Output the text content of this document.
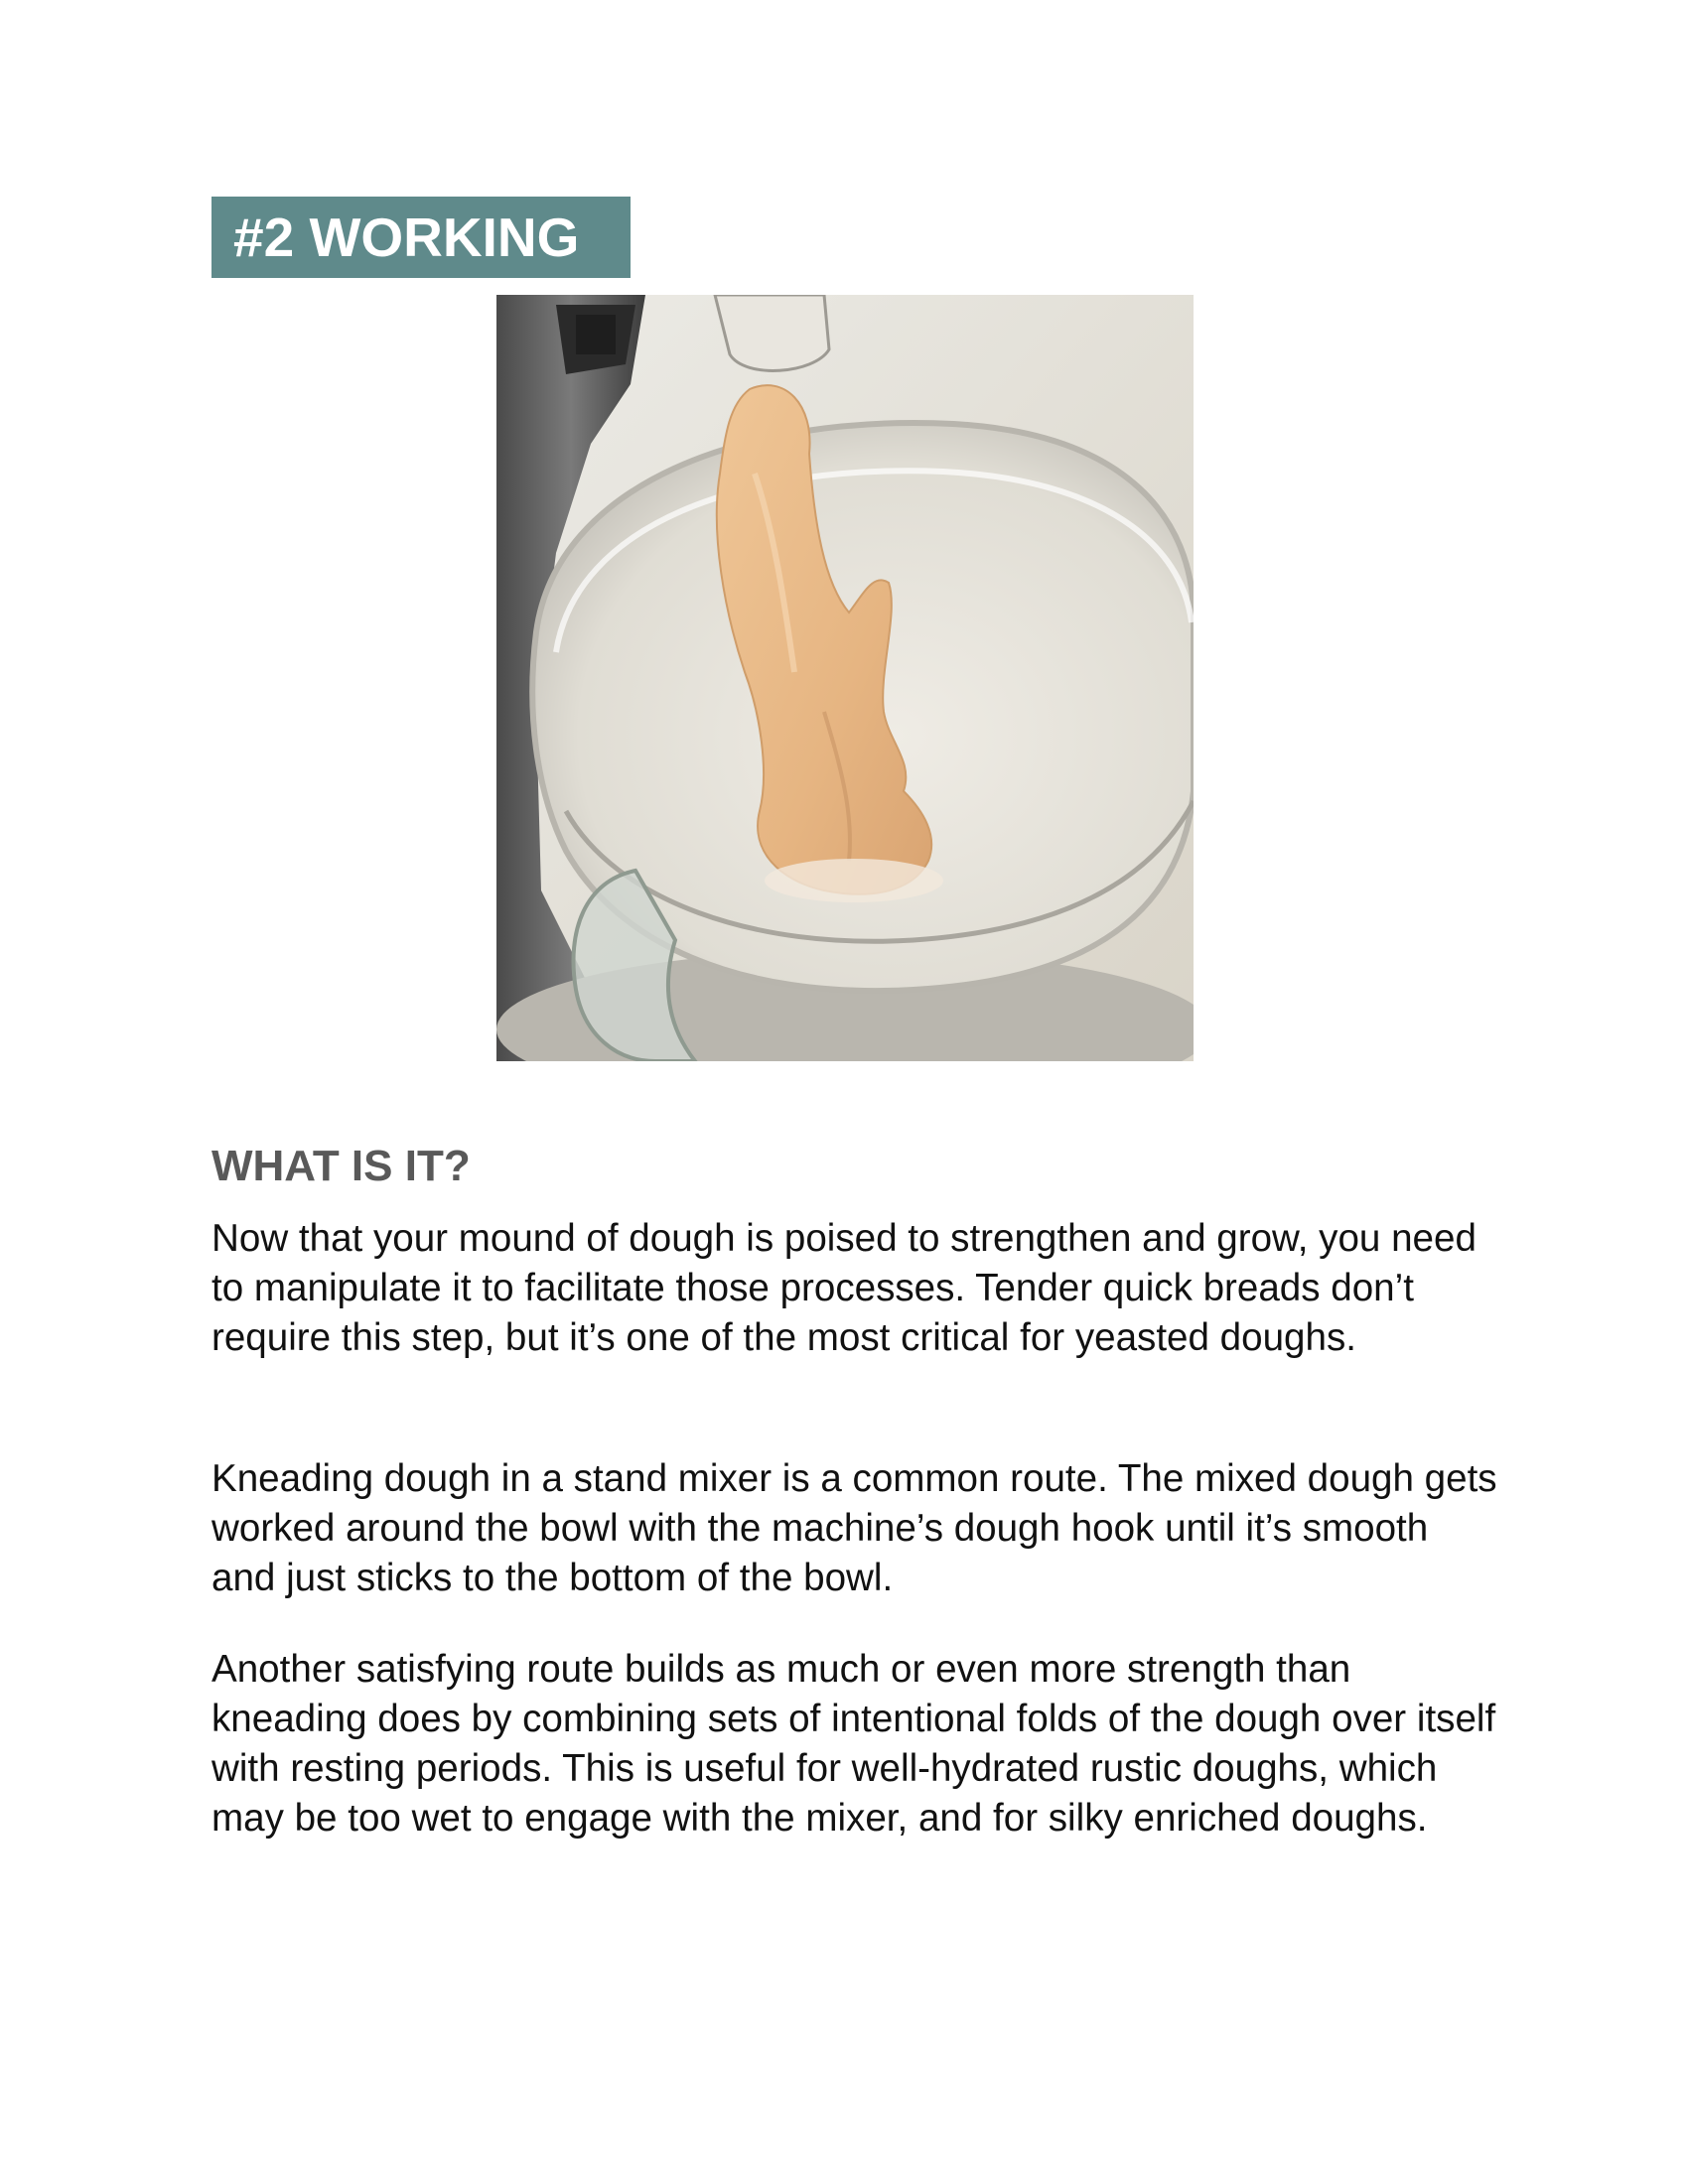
#2 WORKING
WHAT IS IT?

Now that your mound of dough is poised to strengthen and grow, you need to manipulate it to facilitate those processes. Tender quick breads don’t require this step, but it’s one of the most critical for yeasted doughs.

Kneading dough in a stand mixer is a common route. The mixed dough gets worked around the bowl with the machine’s dough hook until it’s smooth and just sticks to the bottom of the bowl.

Another satisfying route builds as much or even more strength than kneading does by combining sets of intentional folds of the dough over itself with resting periods. This is useful for well-hydrated rustic doughs, which may be too wet to engage with the mixer, and for silky enriched doughs.
